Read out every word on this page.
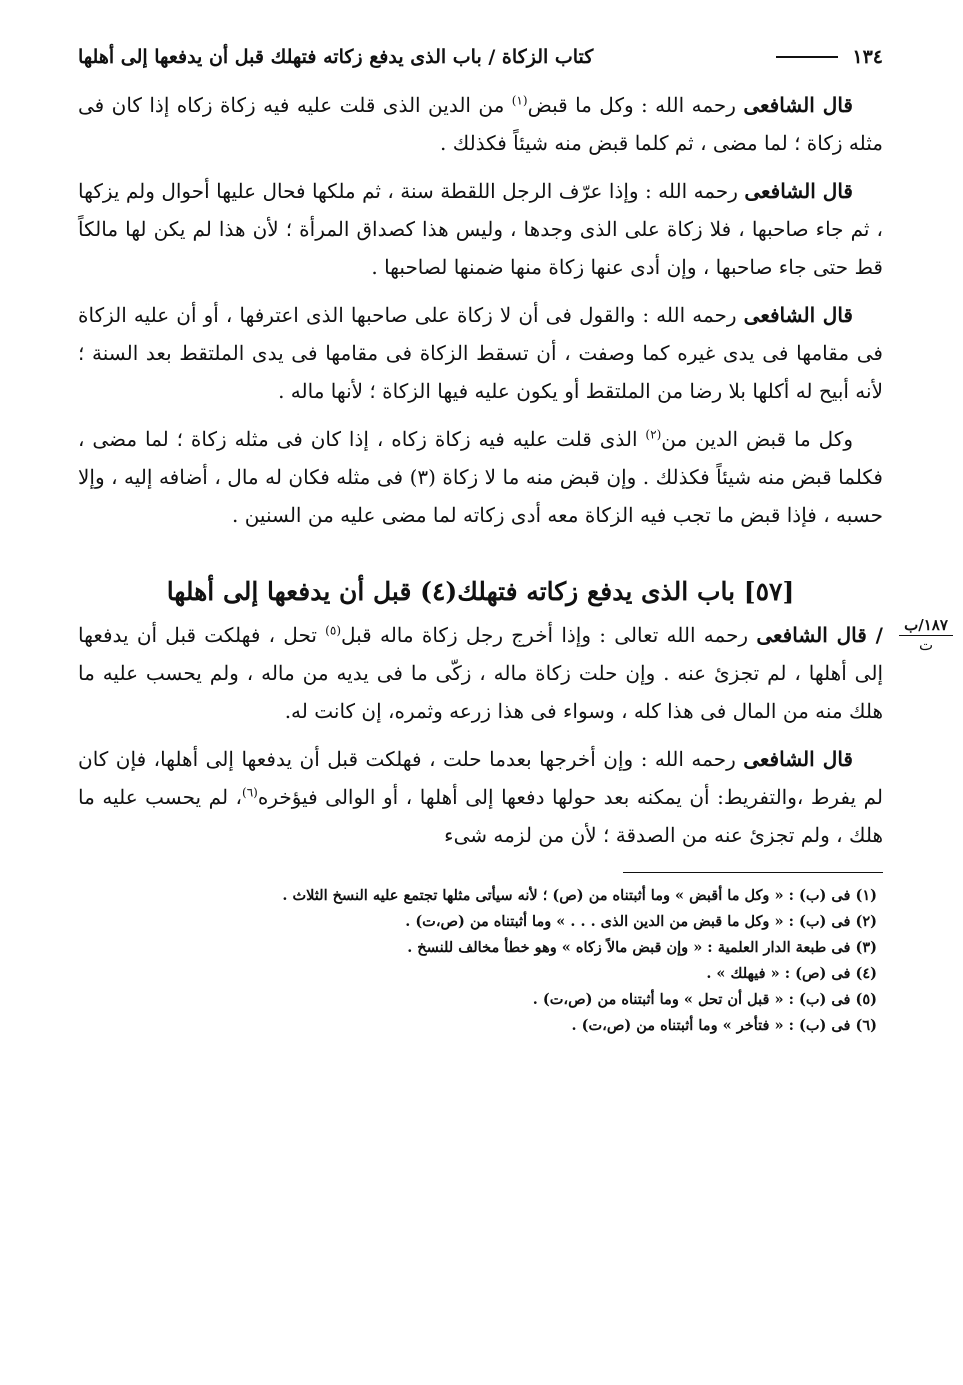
١٣٤
كتاب الزكاة / باب الذى يدفع زكاته فتهلك قبل أن يدفعها إلى أهلها

قال الشافعى رحمه الله : وكل ما قبض$^{(١)}$ من الدين الذى قلت عليه فيه زكاة زكاه إذا كان فى مثله زكاة ؛ لما مضى ، ثم كلما قبض منه شيئاً فكذلك .

قال الشافعى رحمه الله : وإذا عرّف الرجل اللقطة سنة ، ثم ملكها فحال عليها أحوال ولم يزكها ، ثم جاء صاحبها ، فلا زكاة على الذى وجدها ، وليس هذا كصداق المرأة ؛ لأن هذا لم يكن لها مالكاً قط حتى جاء صاحبها ، وإن أدى عنها زكاة منها ضمنها لصاحبها .

قال الشافعى رحمه الله : والقول فى أن لا زكاة على صاحبها الذى اعترفها ، أو أن عليه الزكاة فى مقامها فى يدى غيره كما وصفت ، أن تسقط الزكاة فى مقامها فى يدى الملتقط بعد السنة ؛ لأنه أبيح له أكلها بلا رضا من الملتقط أو يكون عليه فيها الزكاة ؛ لأنها ماله .

وكل ما قبض الدين من$^{(٢)}$ الذى قلت عليه فيه زكاة زكاه ، إذا كان فى مثله زكاة ؛ لما مضى ، فكلما قبض منه شيئاً فكذلك . وإن قبض منه ما لا زكاة (٣) فى مثله فكان له مال ، أضافه إليه ، وإلا حسبه ، فإذا قبض ما تجب فيه الزكاة معه أدى زكاته لما مضى عليه من السنين .

[٥٧] باب الذى يدفع زكاته فتهلك(٤) قبل أن يدفعها إلى أهلها
١٨٧/ب
ت

/ قال الشافعى رحمه الله تعالى : وإذا أخرج رجل زكاة ماله قبل$^{(٥)}$ تحل ، فهلكت قبل أن يدفعها إلى أهلها ، لم تجزئ عنه . وإن حلت زكاة ماله ، زكّى ما فى يديه من ماله ، ولم يحسب عليه ما هلك منه من المال فى هذا كله ، وسواء فى هذا زرعه وثمره، إن كانت له.

قال الشافعى رحمه الله : وإن أخرجها بعدما حلت ، فهلكت قبل أن يدفعها إلى أهلها، فإن كان لم يفرط ،والتفريط: أن يمكنه بعد حولها دفعها إلى أهلها ، أو الوالى فيؤخره$^{(٦)}$، لم يحسب عليه ما هلك ، ولم تجزئ عنه من الصدقة ؛ لأن من لزمه شىء

(١) فى (ب) : « وكل ما أقبض » وما أثبتناه من (ص) ؛ لأنه سيأتى مثلها تجتمع عليه النسخ الثلاث .
(٢) فى (ب) : « وكل ما قبض من الدين الذى . . . » وما أثبتناه من (ص،ت) .
(٣) فى طبعة الدار العلمية : « وإن قبض مالاً زكاه » وهو خطأ مخالف للنسخ .
(٤) فى (ص) : « فيهلك » .
(٥) فى (ب) : « قبل أن تحل » وما أثبتناه من (ص،ت) .
(٦) فى (ب) : « فتأخر » وما أثبتناه من (ص،ت) .
